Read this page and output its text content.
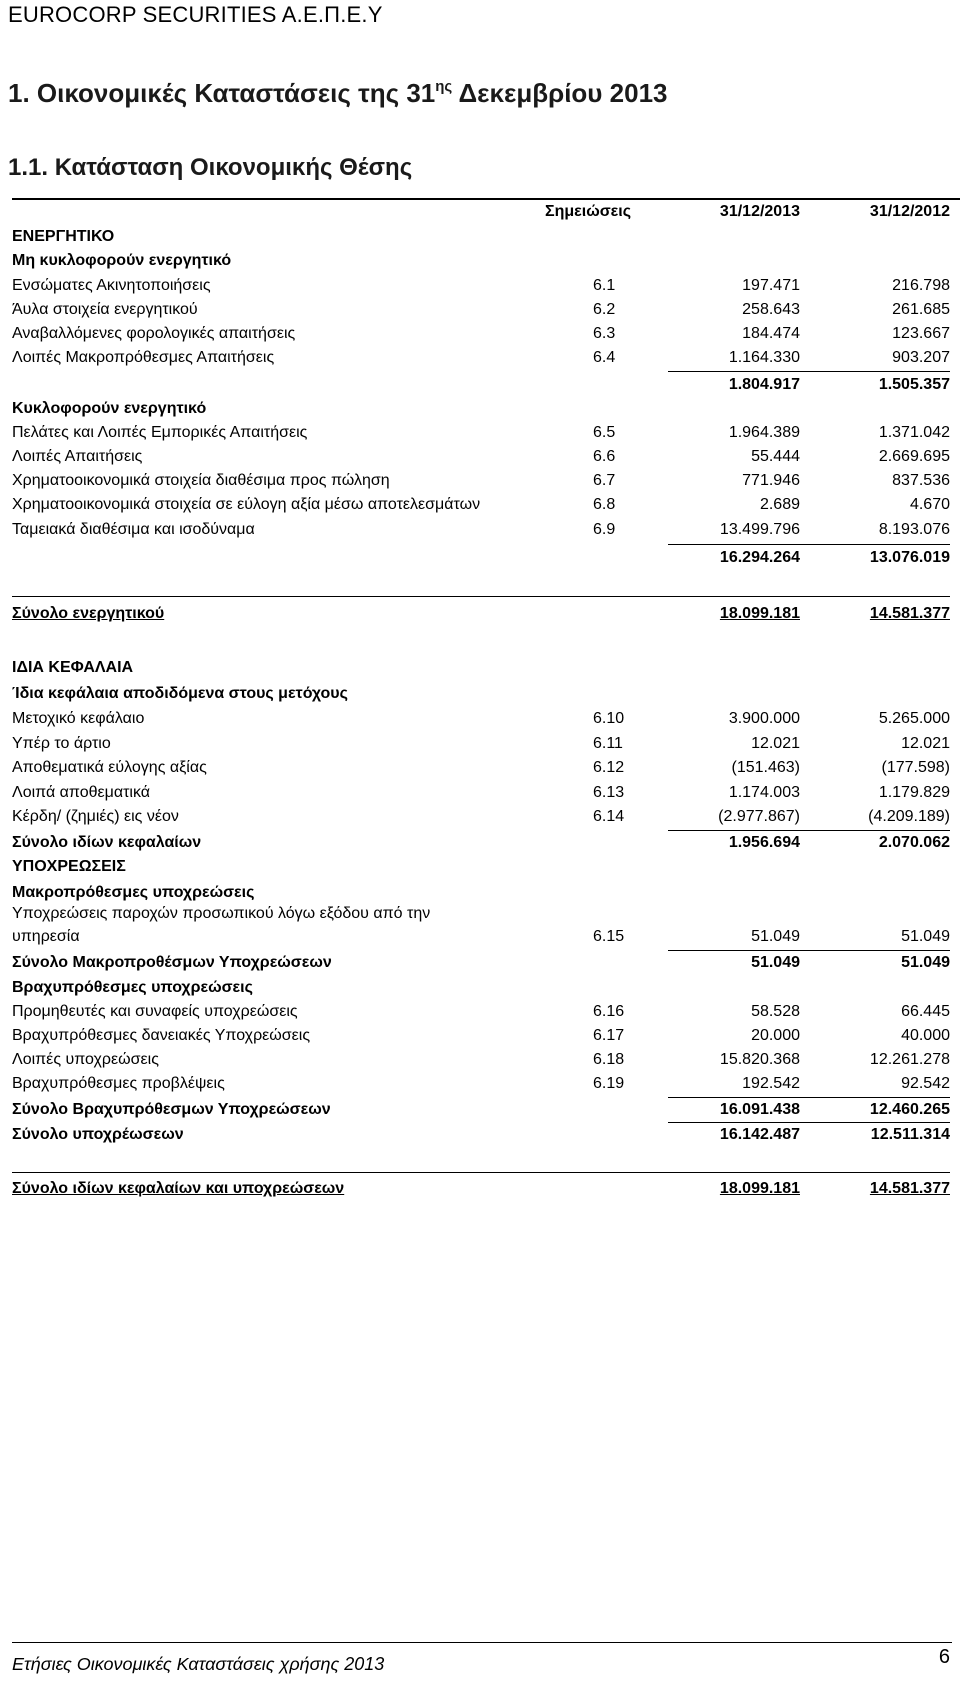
EUROCORP SECURITIES A.E.Π.Ε.Υ
1. Οικονομικές Καταστάσεις της $31^{\eta\varsigma}$ Δεκεμβρίου 2013
1.1. Κατάσταση Οικονομικής Θέσης
Σημειώσεις	31/12/2013	31/12/2012
ΕΝΕΡΓΗΤΙΚΟ
Μη κυκλοφορούν ενεργητικό
Ενσώματες Ακινητοποιήσεις	6.1	197.471	216.798
Άυλα στοιχεία ενεργητικού	6.2	258.643	261.685
Αναβαλλόμενες φορολογικές απαιτήσεις	6.3	184.474	123.667
Λοιπές Μακροπρόθεσμες Απαιτήσεις	6.4	1.164.330	903.207
1.804.917	1.505.357
Κυκλοφορούν ενεργητικό
Πελάτες και Λοιπές Εμπορικές Απαιτήσεις	6.5	1.964.389	1.371.042
Λοιπές Απαιτήσεις	6.6	55.444	2.669.695
Χρηματοοικονομικά στοιχεία διαθέσιμα προς πώληση	6.7	771.946	837.536
Χρηματοοικονομικά στοιχεία σε εύλογη αξία μέσω αποτελεσμάτων	6.8	2.689	4.670
Ταμειακά διαθέσιμα και ισοδύναμα	6.9	13.499.796	8.193.076
16.294.264	13.076.019
Σύνολο ενεργητικού	18.099.181	14.581.377
ΙΔΙΑ ΚΕΦΑΛΑΙΑ
Ίδια κεφάλαια αποδιδόμενα στους μετόχους
Μετοχικό κεφάλαιο	6.10	3.900.000	5.265.000
Υπέρ το άρτιο	6.11	12.021	12.021
Αποθεματικά εύλογης αξίας	6.12	(151.463)	(177.598)
Λοιπά αποθεματικά	6.13	1.174.003	1.179.829
Κέρδη/ (ζημιές) εις νέον	6.14	(2.977.867)	(4.209.189)
Σύνολο ιδίων κεφαλαίων	1.956.694	2.070.062
ΥΠΟΧΡΕΩΣΕΙΣ
Μακροπρόθεσμες υποχρεώσεις
Υποχρεώσεις παροχών προσωπικού λόγω εξόδου από την
υπηρεσία	6.15	51.049	51.049
Σύνολο Μακροπροθέσμων Υποχρεώσεων	51.049	51.049
Βραχυπρόθεσμες υποχρεώσεις
Προμηθευτές και συναφείς υποχρεώσεις	6.16	58.528	66.445
Βραχυπρόθεσμες δανειακές Υποχρεώσεις	6.17	20.000	40.000
Λοιπές υποχρεώσεις	6.18	15.820.368	12.261.278
Βραχυπρόθεσμες προβλέψεις	6.19	192.542	92.542
Σύνολο Βραχυπρόθεσμων Υποχρεώσεων	16.091.438	12.460.265
Σύνολο υποχρέωσεων	16.142.487	12.511.314
Σύνολο ιδίων κεφαλαίων και υποχρεώσεων	18.099.181	14.581.377
Ετήσιες Οικονομικές Καταστάσεις χρήσης 2013	6
